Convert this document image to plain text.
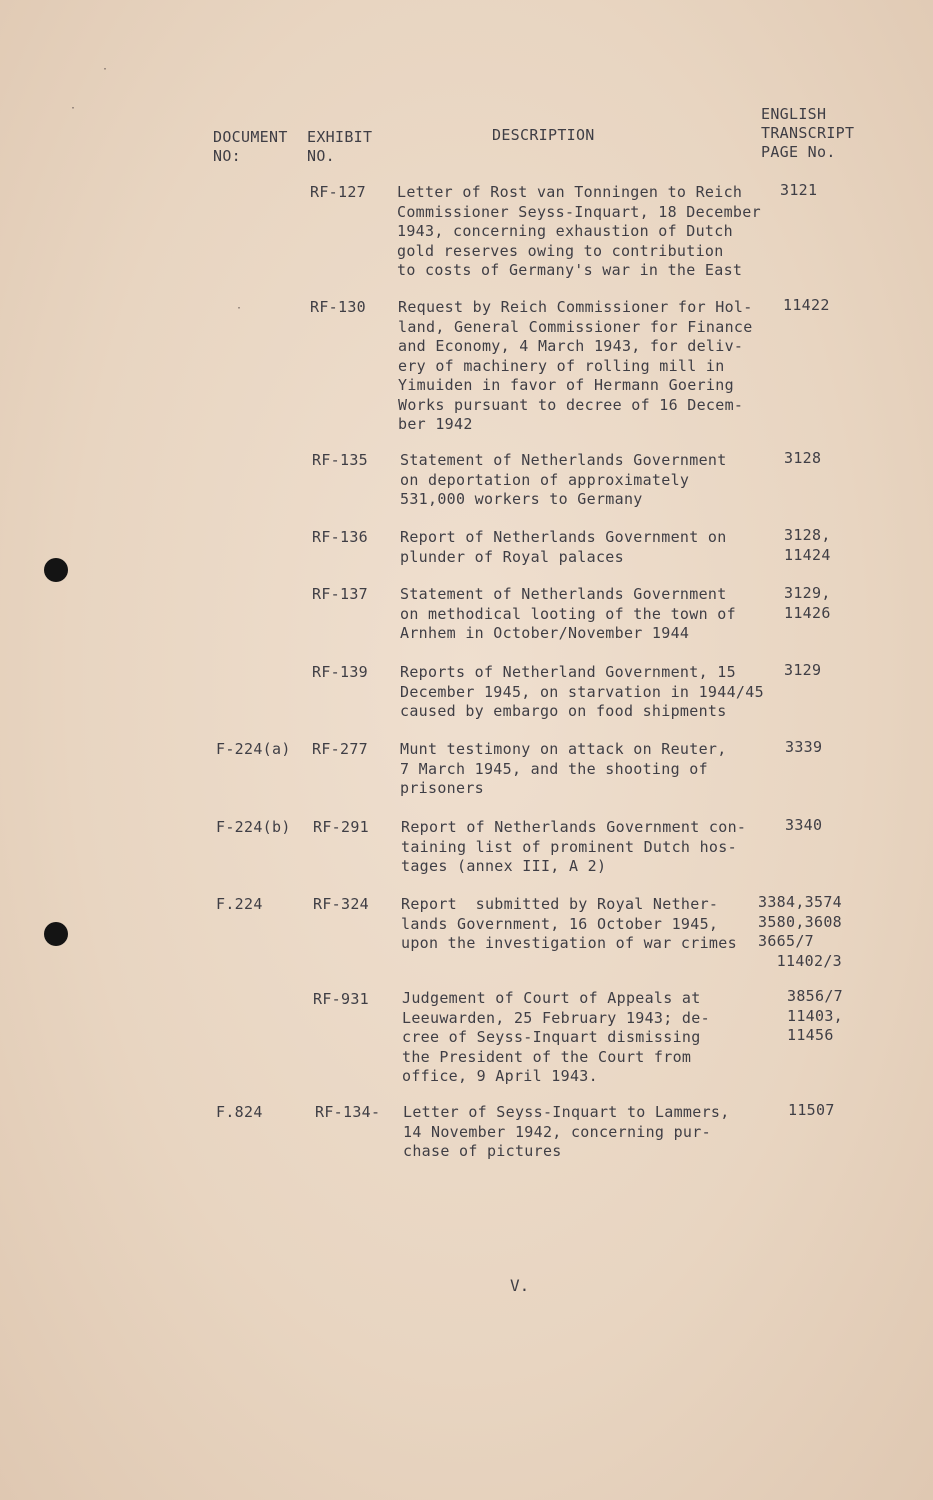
DOCUMENT
NO:
EXHIBIT
NO.
DESCRIPTION
ENGLISH
TRANSCRIPT
PAGE No.
RF-127 Letter of Rost van Tonningen to Reich
Commissioner Seyss-Inquart, 18 December
1943, concerning exhaustion of Dutch
gold reserves owing to contribution
to costs of Germany's war in the East
3121
RF-130 Request by Reich Commissioner for Hol-
land, General Commissioner for Finance
and Economy, 4 March 1943, for deliv-
ery of machinery of rolling mill in
Yimuiden in favor of Hermann Goering
Works pursuant to decree of 16 Decem-
ber 1942
11422
RF-135 Statement of Netherlands Government
on deportation of approximately
531,000 workers to Germany
3128
RF-136 Report of Netherlands Government on
plunder of Royal palaces
3128,
11424
RF-137 Statement of Netherlands Government
on methodical looting of the town of
Arnhem in October/November 1944
3129,
11426
RF-139 Reports of Netherland Government, 15
December 1945, on starvation in 1944/45
caused by embargo on food shipments
3129
F-224(a) RF-277 Munt testimony on attack on Reuter,
7 March 1945, and the shooting of
prisoners
3339
F-224(b) RF-291 Report of Netherlands Government con-
taining list of prominent Dutch hos-
tages (annex III, A 2)
3340
F.224	RF-324 Report  submitted by Royal Nether-
lands Government, 16 October 1945,
upon the investigation of war crimes
3384,3574
3580,3608
3665/7
11402/3
RF-931 Judgement of Court of Appeals at
Leeuwarden, 25 February 1943; de-
cree of Seyss-Inquart dismissing
the President of the Court from
office, 9 April 1943.
3856/7
11403,
11456
F.824	RF-134- Letter of Seyss-Inquart to Lammers,
14 November 1942, concerning pur-
chase of pictures
11507
V.
·
·
·
